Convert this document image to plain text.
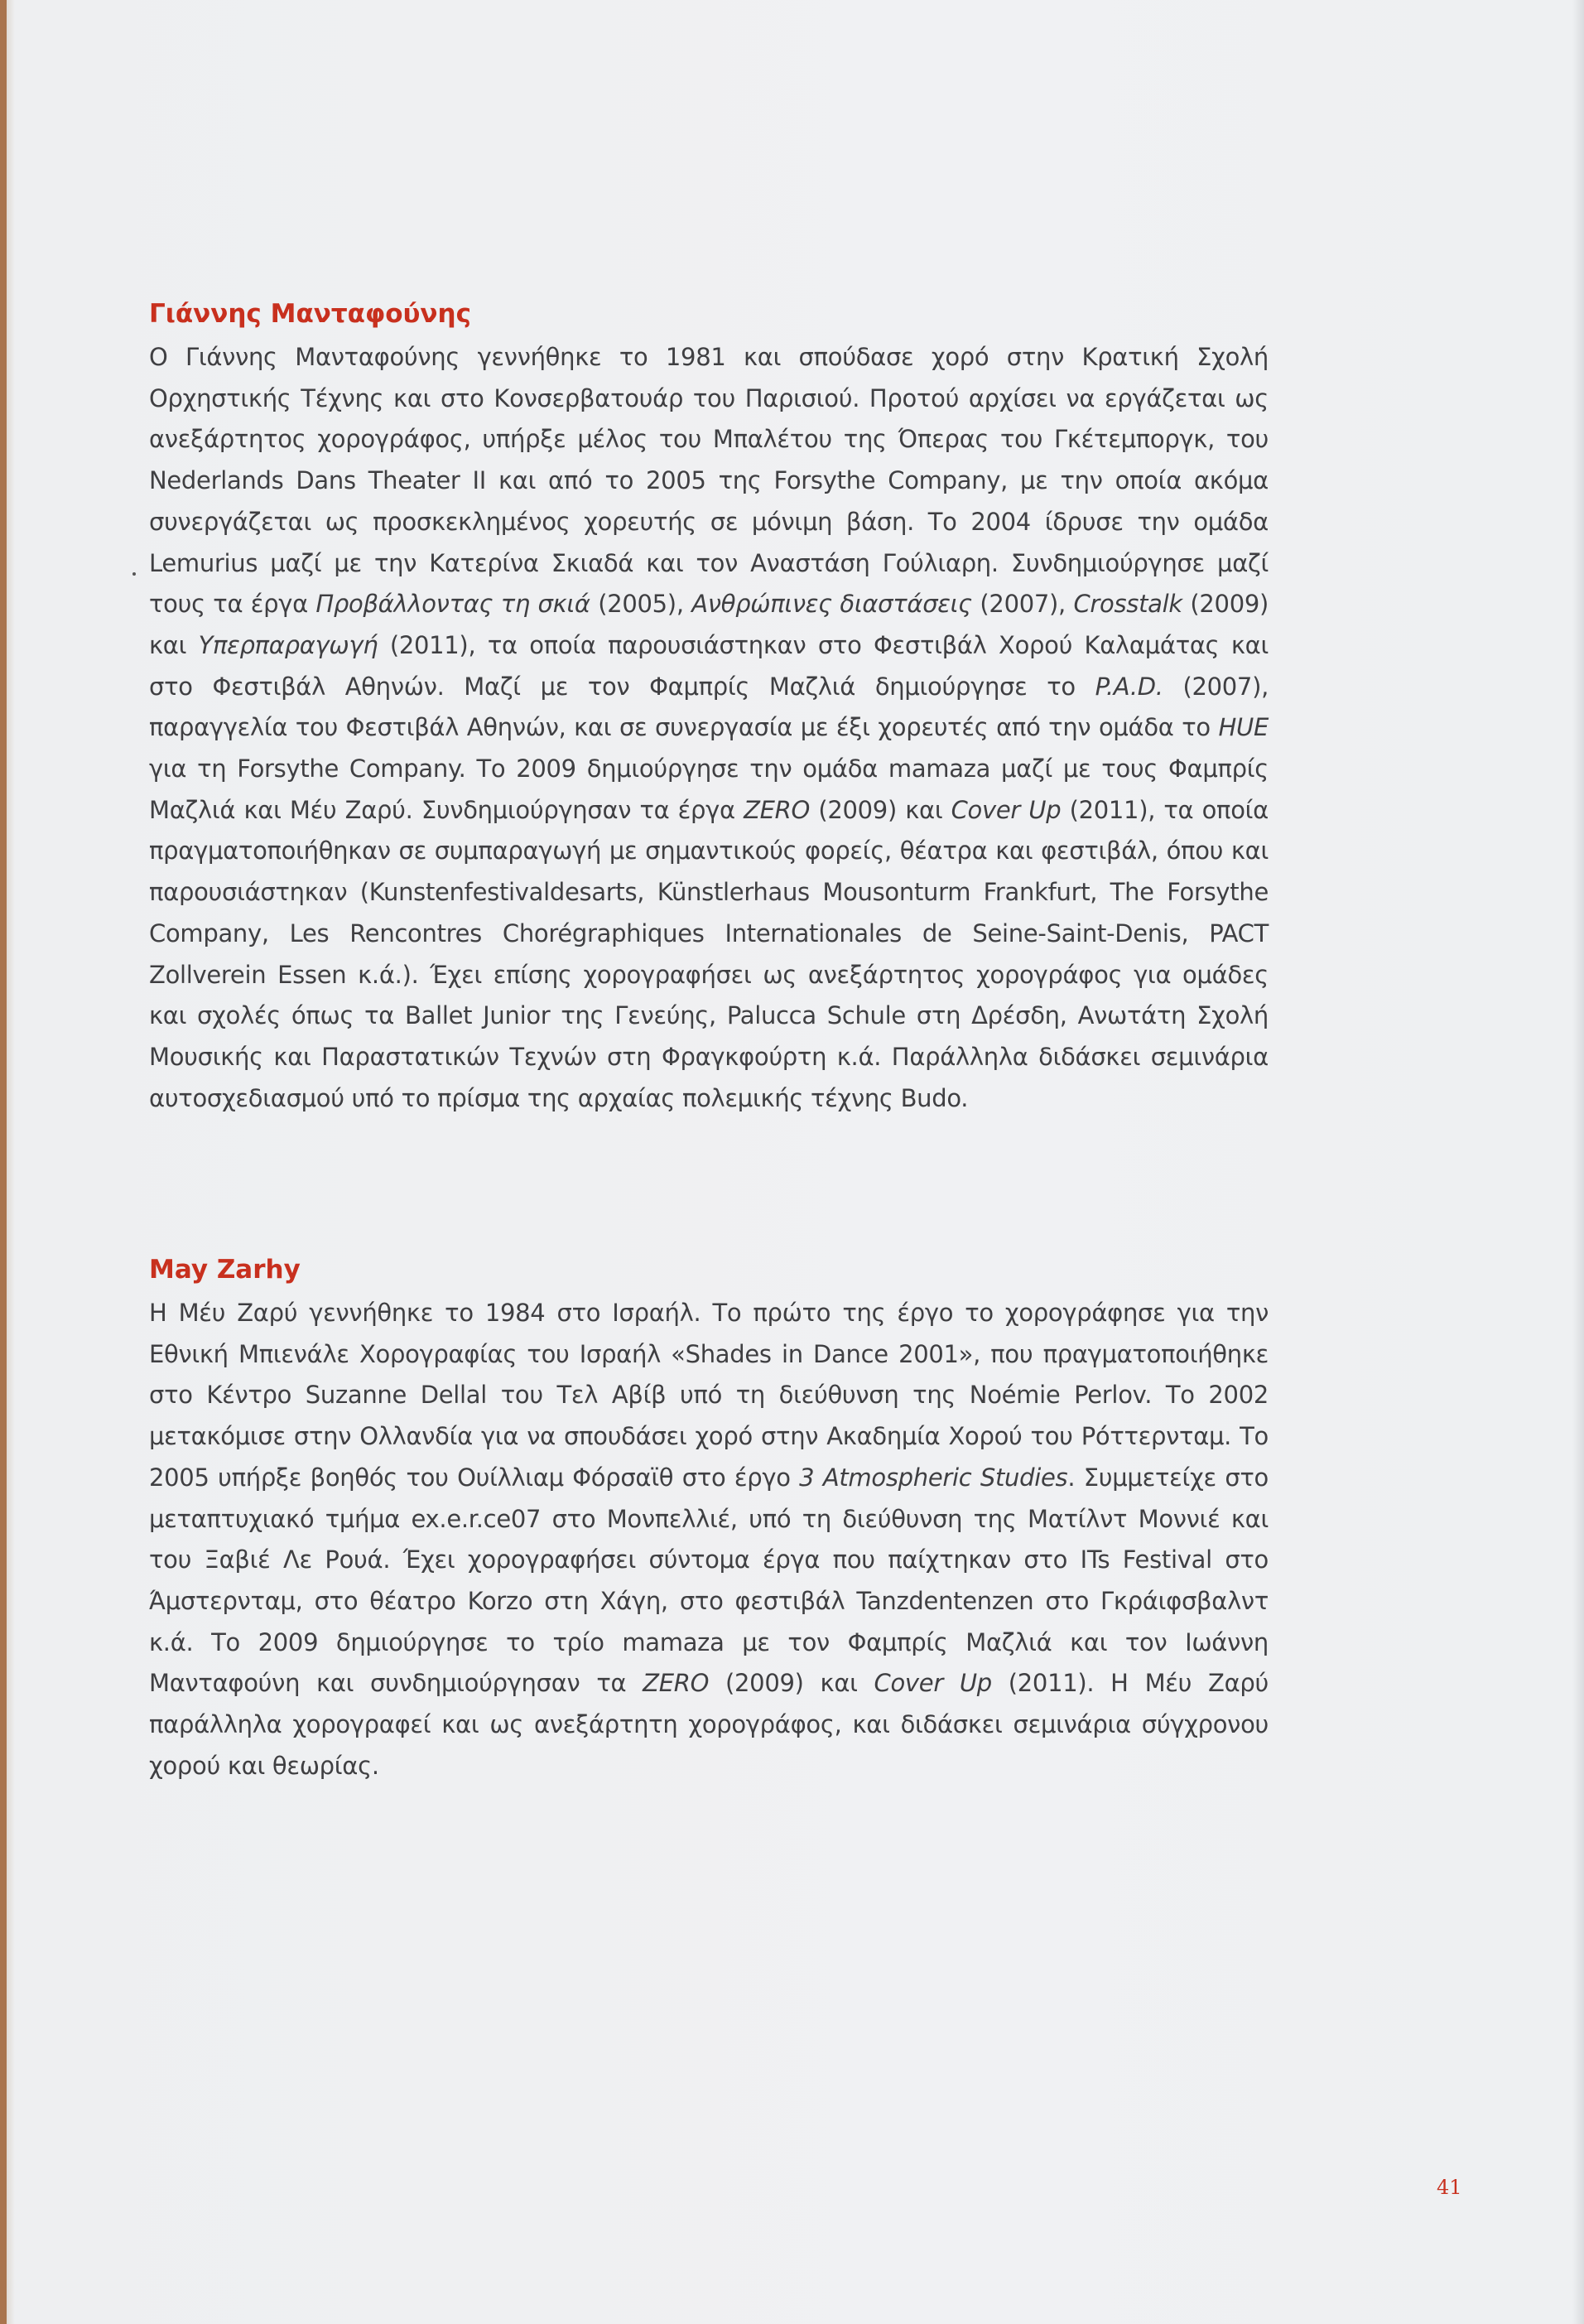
Γιάννης Μανταφούνης

Ο Γιάννης Μανταφούνης γεννήθηκε το 1981 και σπούδασε χορό στην Κρατική Σχολή Ορχηστικής Τέχνης και στο Κονσερβατουάρ του Παρισιού. Προτού αρχίσει να εργάζεται ως ανεξάρτητος χορογράφος, υπήρξε μέλος του Μπαλέτου της Όπερας του Γκέτεμποργκ, του Nederlands Dans Theater II και από το 2005 της Forsythe Company, με την οποία ακόμα συνεργάζεται ως προσκεκλημένος χορευτής σε μόνιμη βάση. Το 2004 ίδρυσε την ομάδα Lemurius μαζί με την Κατερίνα Σκιαδά και τον Αναστάση Γούλιαρη. Συνδημιούργησε μαζί τους τα έργα Προβάλλοντας τη σκιά (2005), Ανθρώπινες διαστάσεις (2007), Crosstalk (2009) και Υπερπαραγωγή (2011), τα οποία παρουσιάστηκαν στο Φεστιβάλ Χορού Καλαμάτας και στο Φεστιβάλ Αθηνών. Μαζί με τον Φαμπρίς Μαζλιά δημιούργησε το P.A.D. (2007), παραγγελία του Φεστιβάλ Αθηνών, και σε συνεργασία με έξι χορευτές από την ομάδα το HUE για τη Forsythe Company. Το 2009 δημιούργησε την ομάδα mamaza μαζί με τους Φαμπρίς Μαζλιά και Μέυ Ζαρύ. Συνδημιούργησαν τα έργα ZERO (2009) και Cover Up (2011), τα οποία πραγματοποιήθηκαν σε συμπαραγωγή με σημαντικούς φορείς, θέατρα και φεστιβάλ, όπου και παρουσιάστηκαν (Kunstenfestivaldesarts, Künstlerhaus Mousonturm Frankfurt, The Forsythe Company, Les Rencontres Chorégraphiques Internationales de Seine-Saint-Denis, PACT Zollverein Essen κ.ά.). Έχει επίσης χορογραφήσει ως ανεξάρτητος χορογράφος για ομάδες και σχολές όπως τα Ballet Junior της Γενεύης, Palucca Schule στη Δρέσδη, Ανωτάτη Σχολή Μουσικής και Παραστατικών Τεχνών στη Φραγκφούρτη κ.ά. Παράλληλα διδάσκει σεμινάρια αυτοσχεδιασμού υπό το πρίσμα της αρχαίας πολεμικής τέχνης Budo.

May Zarhy

Η Μέυ Ζαρύ γεννήθηκε το 1984 στο Ισραήλ. Το πρώτο της έργο το χορογράφησε για την Εθνική Μπιενάλε Χορογραφίας του Ισραήλ «Shades in Dance 2001», που πραγματοποιήθηκε στο Κέντρο Suzanne Dellal του Τελ Αβίβ υπό τη διεύθυνση της Noémie Perlov. Το 2002 μετακόμισε στην Ολλανδία για να σπουδάσει χορό στην Ακαδημία Χορού του Ρόττερνταμ. Το 2005 υπήρξε βοηθός του Ουίλλιαμ Φόρσαϊθ στο έργο 3 Atmospheric Studies. Συμμετείχε στο μεταπτυχιακό τμήμα ex.e.r.ce07 στο Μονπελλιέ, υπό τη διεύθυνση της Ματίλντ Μοννιέ και του Ξαβιέ Λε Ρουά. Έχει χορογραφήσει σύντομα έργα που παίχτηκαν στο ITs Festival στο Άμστερνταμ, στο θέατρο Korzo στη Χάγη, στο φεστιβάλ Tanzdentenzen στο Γκράιφσβαλντ κ.ά. Το 2009 δημιούργησε το τρίο mamaza με τον Φαμπρίς Μαζλιά και τον Ιωάννη Μανταφούνη και συνδημιούργησαν τα ZERO (2009) και Cover Up (2011). Η Μέυ Ζαρύ παράλληλα χορογραφεί και ως ανεξάρτητη χορογράφος, και διδάσκει σεμινάρια σύγχρονου χορού και θεωρίας.

41
